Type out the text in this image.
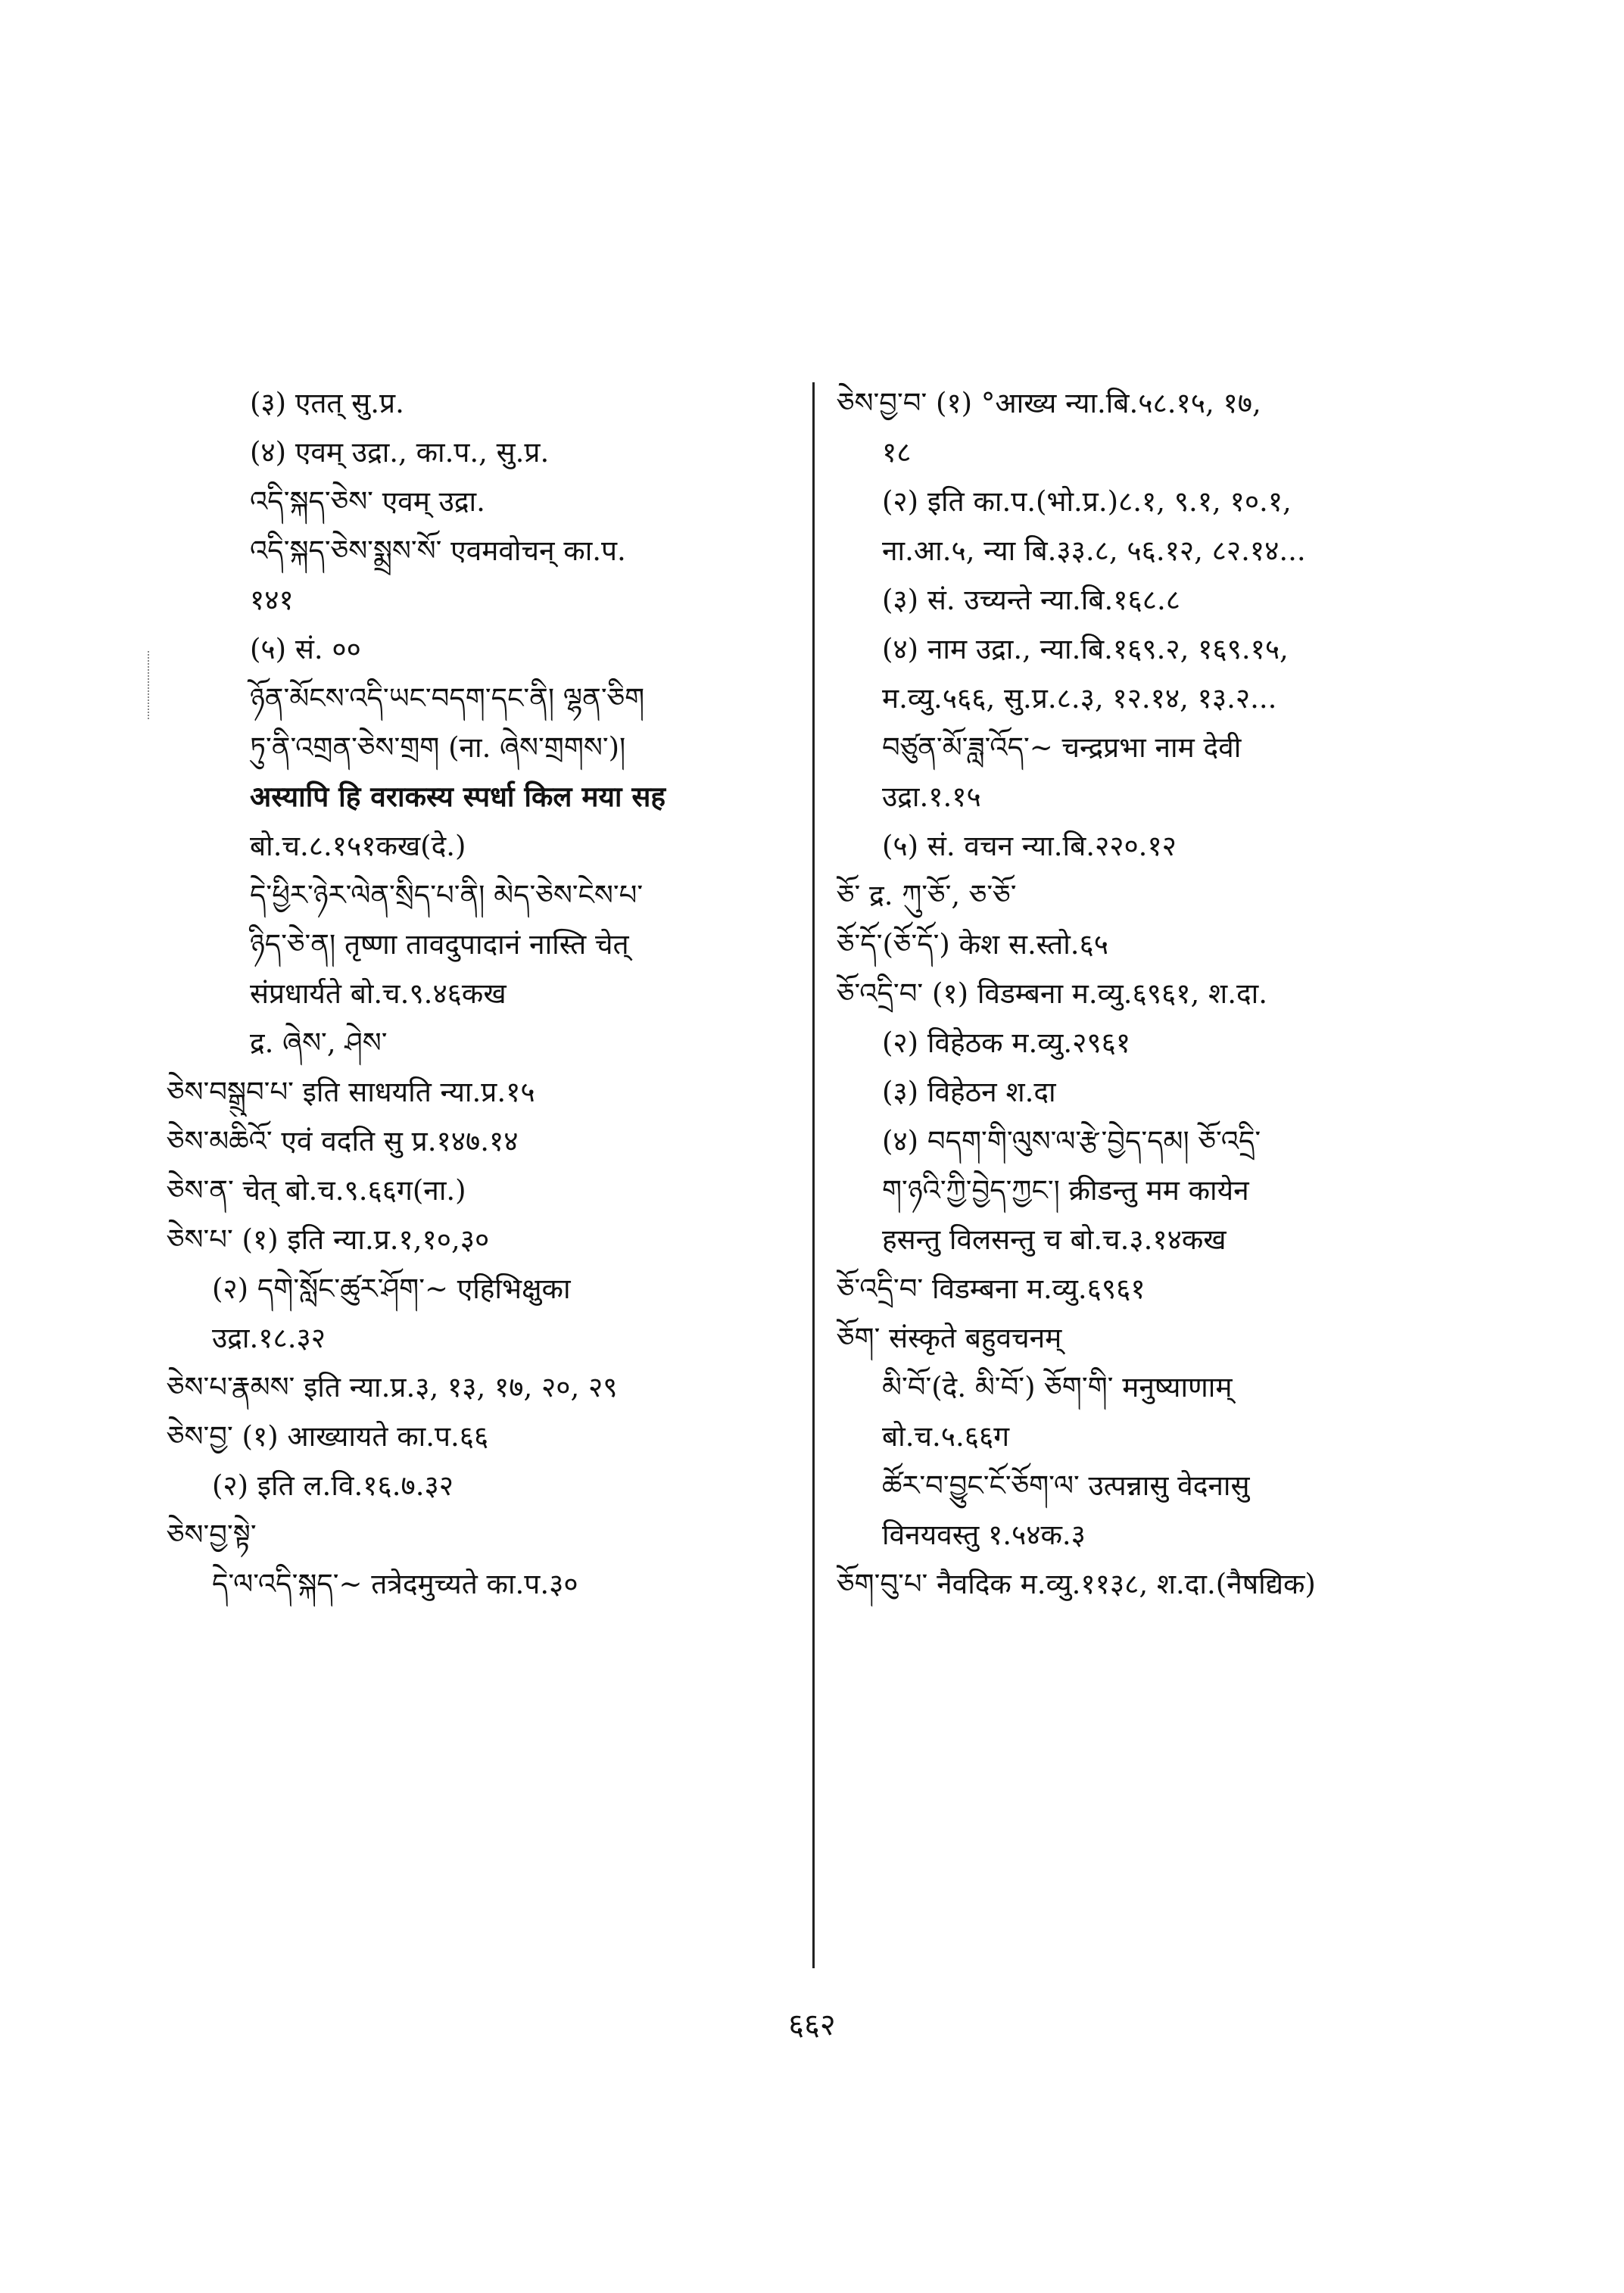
(३) एतत् सु.प्र.
(४) एवम् उद्रा., का.प., सु.प्र.
འདི་སྐད་ཅེས་ एवम् उद्रा.
འདི་སྐད་ཅེས་སྨྲས་སོ་ एवमवोचन् का.प.
१४१
(५) सं. ००
ཉོན་མོངས་འདི་ཡང་བདག་དང་ནི། ལྷན་ཅིག
ཏུ་ནི་འགྲན་ཅེས་གྲག (ना. ཞེས་གྲགས་)།
अस्यापि हि वराकस्य स्पर्धा किल मया सह
बो.च.८.१५१कख(दे.)
དེ་ཕྱིར་ཉེར་ལེན་སྲིད་པ་ནི། མེད་ཅེས་ངེས་པ་
ཉིད་ཅེ་ན། तृष्णा तावदुपादानं नास्ति चेत्
संप्रधार्यते बो.च.९.४६कख
द्र. ཞེས་, ཤེས་
ཅེས་བསྒྲུབ་པ་ इति साधयति न्या.प्र.१५
ཅེས་མཆིའོ་ एवं वदति सु प्र.१४७.१४
ཅེས་ན་ चेत् बो.च.९.६६ग(ना.)
ཅེས་པ་ (१) इति न्या.प्र.१,१०,३०
(२) དགེ་སློང་ཚུར་ཤོག་~ एहिभिक्षुका
उद्रा.१८.३२
ཅེས་པ་རྣམས་ इति न्या.प्र.३, १३, १७, २०, २९
ཅེས་བྱ་ (१) आख्यायते का.प.६६
(२) इति ल.वि.१६.७.३२
ཅེས་བྱ་སྟེ་
དེ་ལ་འདི་སྐད་~ तत्रेदमुच्यते का.प.३०
ཅེས་བྱ་བ་ (१) °आख्य न्या.बि.५८.१५, १७,
१८
(२) इति का.प.(भो.प्र.)८.१, ९.१, १०.१,
ना.आ.५, न्या बि.३३.८, ५६.१२, ८२.१४...
(३) सं. उच्यन्ते न्या.बि.१६८.८
(४) नाम उद्रा., न्या.बि.१६९.२, १६९.१५,
म.व्यु.५६६, सु.प्र.८.३, १२.१४, १३.२...
བཙུན་མོ་ཟླ་འོད་~ चन्द्रप्रभा नाम देवी
उद्रा.१.१५
(५) सं. वचन न्या.बि.२२०.१२
ཅོ་ द्र. ཀུ་ཅོ་, ཅ་ཅོ་
ཅོ་དོ་(ཅོ་དོ་) केश स.स्तो.६५
ཅོ་འདྲི་བ་ (१) विडम्बना म.व्यु.६९६१, श.दा.
(२) विहेठक म.व्यु.२९६१
(३) विहेठन श.दा
(४) བདག་གི་ལུས་ལ་རྩེ་བྱེད་དམ། ཅོ་འདྲི་
ག་ཉའི་ཀྱི་བྱེད་ཀྱང་། क्रीडन्तु मम कायेन
हसन्तु विलसन्तु च बो.च.३.१४कख
ཅོ་འདྲི་བ་ विडम्बना म.व्यु.६९६१
ཅོག་ संस्कृते बहुवचनम्
མི་བོ་(दे. མི་བོ་) ཅོག་གི་ मनुष्याणाम्
बो.च.५.६६ग
ཚོར་བ་བྱུང་ངོ་ཅོག་ལ་ उत्पन्नासु वेदनासु
विनयवस्तु १.५४क.३
ཅོག་བུ་པ་ नैवदिक म.व्यु.११३८, श.दा.(नैषद्यिक)
६६२
